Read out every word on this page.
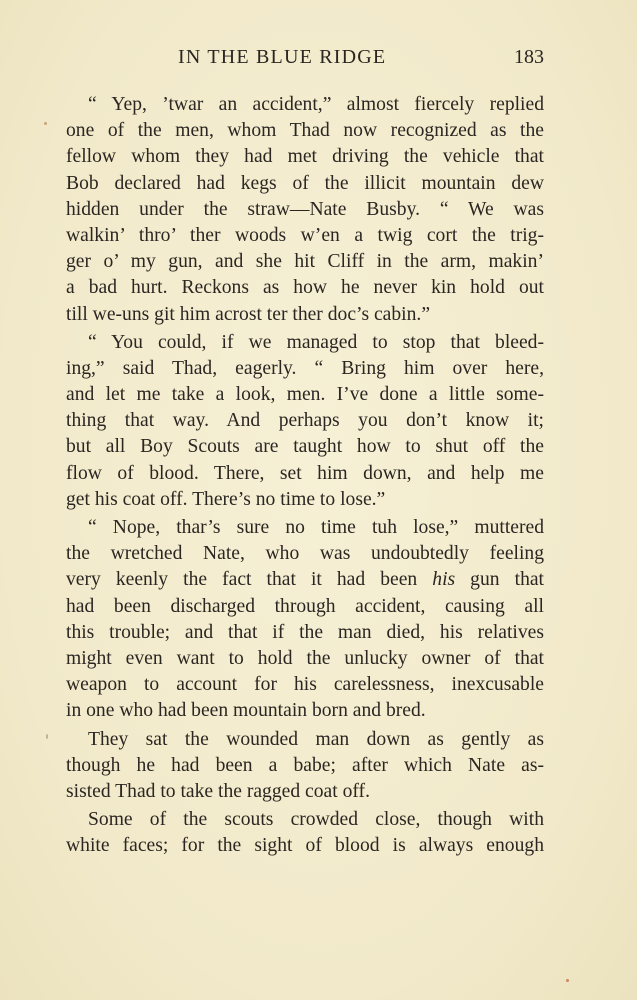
IN THE BLUE RIDGE	183

“ Yep, ’twar an accident,” almost fiercely replied
one of the men, whom Thad now recognized as the
fellow whom they had met driving the vehicle that
Bob declared had kegs of the illicit mountain dew
hidden under the straw—Nate Busby. “ We was
walkin’ thro’ ther woods w’en a twig cort the trig-
ger o’ my gun, and she hit Cliff in the arm, makin’
a bad hurt. Reckons as how he never kin hold out
till we-uns git him acrost ter ther doc’s cabin.”

“ You could, if we managed to stop that bleed-
ing,” said Thad, eagerly. “ Bring him over here,
and let me take a look, men. I’ve done a little some-
thing that way. And perhaps you don’t know it;
but all Boy Scouts are taught how to shut off the
flow of blood. There, set him down, and help me
get his coat off. There’s no time to lose.”

“ Nope, thar’s sure no time tuh lose,” muttered
the wretched Nate, who was undoubtedly feeling
very keenly the fact that it had been his gun that
had been discharged through accident, causing all
this trouble; and that if the man died, his relatives
might even want to hold the unlucky owner of that
weapon to account for his carelessness, inexcusable
in one who had been mountain born and bred.

They sat the wounded man down as gently as
though he had been a babe; after which Nate as-
sisted Thad to take the ragged coat off.

Some of the scouts crowded close, though with
white faces; for the sight of blood is always enough
